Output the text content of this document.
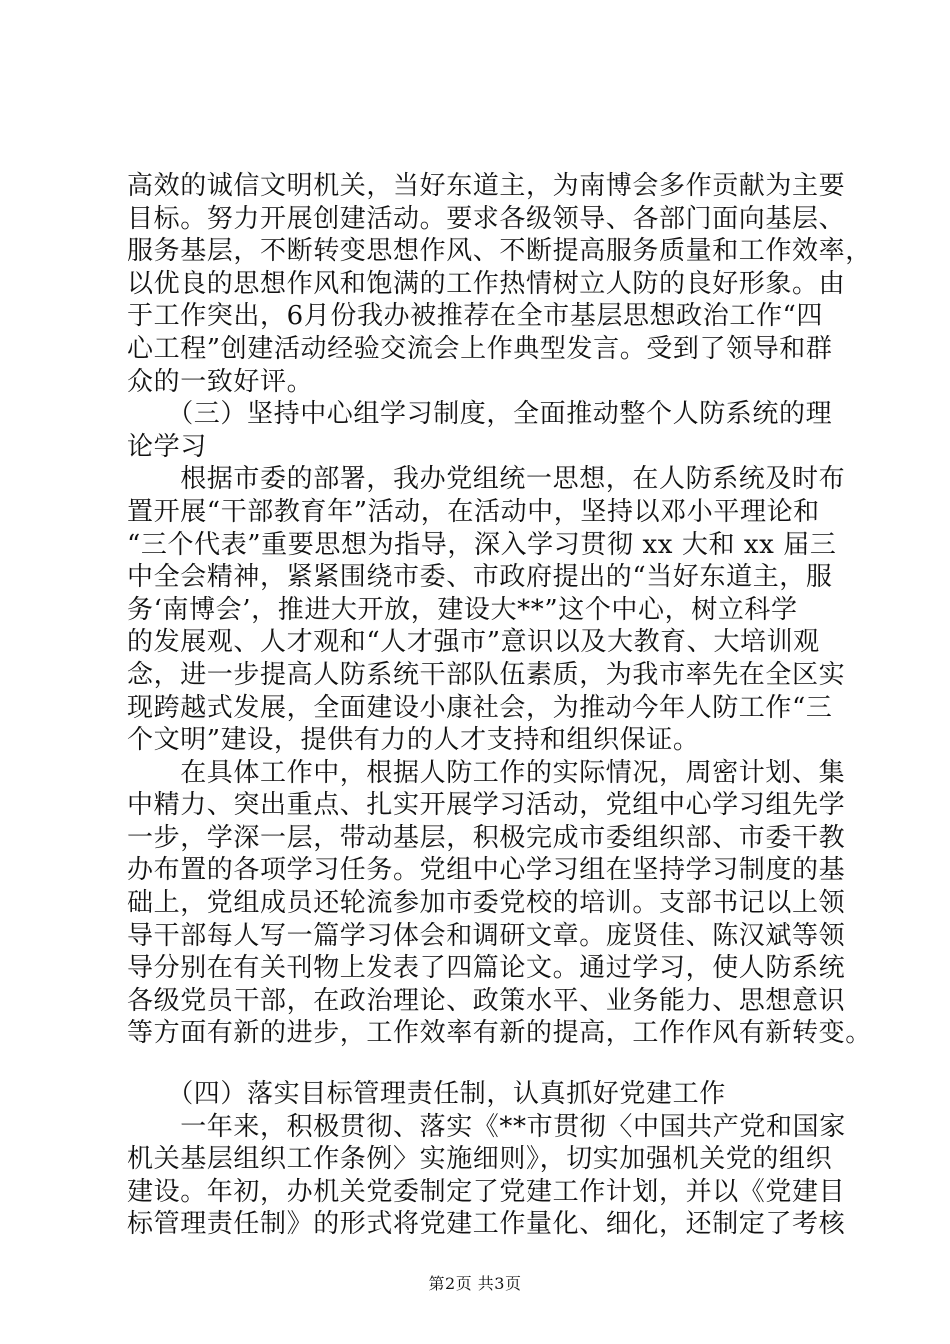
高效的诚信文明机关，当好东道主，为南博会多作贡献为主要
目标。努力开展创建活动。要求各级领导、各部门面向基层、
服务基层，不断转变思想作风、不断提高服务质量和工作效率，
以优良的思想作风和饱满的工作热情树立人防的良好形象。由
于工作突出，6月份我办被推荐在全市基层思想政治工作“四
心工程”创建活动经验交流会上作典型发言。受到了领导和群
众的一致好评。
　　（三）坚持中心组学习制度，全面推动整个人防系统的理
论学习
　　根据市委的部署，我办党组统一思想，在人防系统及时布
置开展“干部教育年”活动，在活动中，坚持以邓小平理论和
“三个代表”重要思想为指导，深入学习贯彻 xx 大和 xx 届三
中全会精神，紧紧围绕市委、市政府提出的“当好东道主，服
务‘南博会’，推进大开放，建设大**”这个中心，树立科学
的发展观、人才观和“人才强市”意识以及大教育、大培训观
念，进一步提高人防系统干部队伍素质，为我市率先在全区实
现跨越式发展，全面建设小康社会，为推动今年人防工作“三
个文明”建设，提供有力的人才支持和组织保证。
　　在具体工作中，根据人防工作的实际情况，周密计划、集
中精力、突出重点、扎实开展学习活动，党组中心学习组先学
一步，学深一层，带动基层，积极完成市委组织部、市委干教
办布置的各项学习任务。党组中心学习组在坚持学习制度的基
础上，党组成员还轮流参加市委党校的培训。支部书记以上领
导干部每人写一篇学习体会和调研文章。庞贤佳、陈汉斌等领
导分别在有关刊物上发表了四篇论文。通过学习，使人防系统
各级党员干部，在政治理论、政策水平、业务能力、思想意识
等方面有新的进步，工作效率有新的提高，工作作风有新转变。
　　（四）落实目标管理责任制，认真抓好党建工作
　　一年来，积极贯彻、落实《**市贯彻〈中国共产党和国家
机关基层组织工作条例〉实施细则》，切实加强机关党的组织
建设。年初，办机关党委制定了党建工作计划，并以《党建目
标管理责任制》的形式将党建工作量化、细化，还制定了考核
第2页 共3页
